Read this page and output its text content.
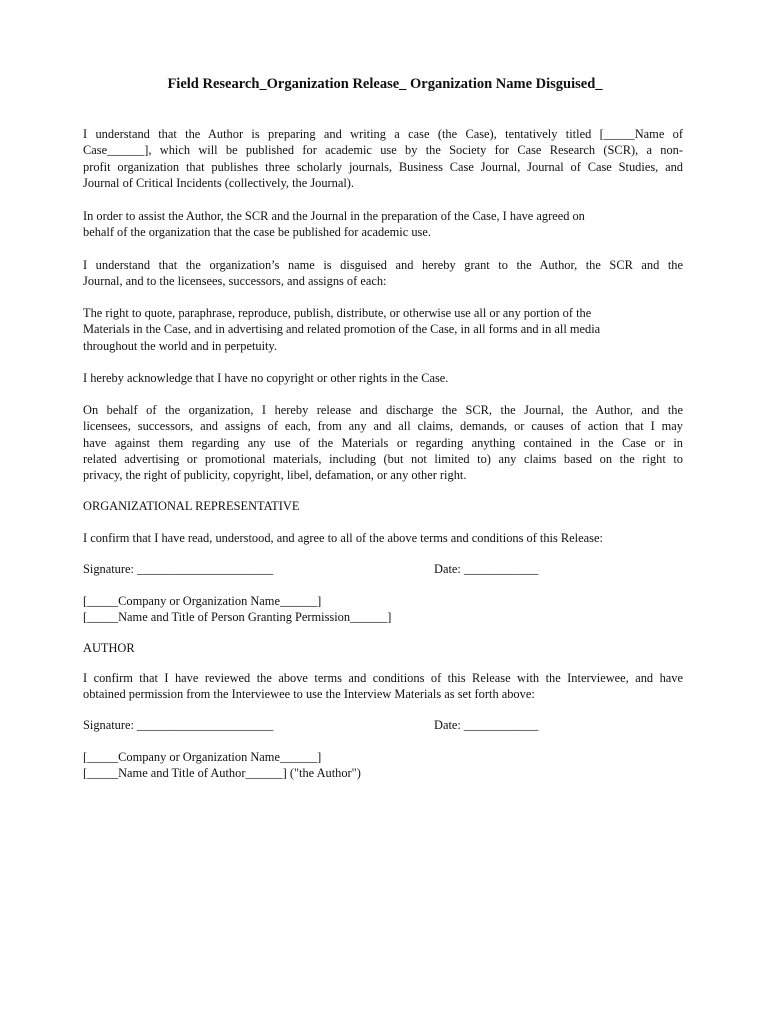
Field Research_Organization Release_ Organization Name Disguised_
I understand that the Author is preparing and writing a case (the Case), tentatively titled [_____Name of
Case______], which will be published for academic use by the Society for Case Research (SCR), a non-
profit organization that publishes three scholarly journals, Business Case Journal, Journal of Case Studies, and
Journal of Critical Incidents (collectively, the Journal).
In order to assist the Author, the SCR and the Journal in the preparation of the Case, I have agreed on
behalf of the organization that the case be published for academic use.
I understand that the organization’s name is disguised and hereby grant to the Author, the SCR and the
Journal, and to the licensees, successors, and assigns of each:
The right to quote, paraphrase, reproduce, publish, distribute, or otherwise use all or any portion of the
Materials in the Case, and in advertising and related promotion of the Case, in all forms and in all media
throughout the world and in perpetuity.
I hereby acknowledge that I have no copyright or other rights in the Case.
On behalf of the organization, I hereby release and discharge the SCR, the Journal, the Author, and the
licensees, successors, and assigns of each, from any and all claims, demands, or causes of action that I may
have against them regarding any use of the Materials or regarding anything contained in the Case or in
related advertising or promotional materials, including (but not limited to) any claims based on the right to
privacy, the right of publicity, copyright, libel, defamation, or any other right.
ORGANIZATIONAL REPRESENTATIVE
I confirm that I have read, understood, and agree to all of the above terms and conditions of this Release:
Signature: ______________________	Date: ____________
[_____Company or Organization Name______]
[_____Name and Title of Person Granting Permission______]
AUTHOR
I confirm that I have reviewed the above terms and conditions of this Release with the Interviewee, and have
obtained permission from the Interviewee to use the Interview Materials as set forth above:
Signature: ______________________	Date: ____________
[_____Company or Organization Name______]
[_____Name and Title of Author______] ("the Author")
